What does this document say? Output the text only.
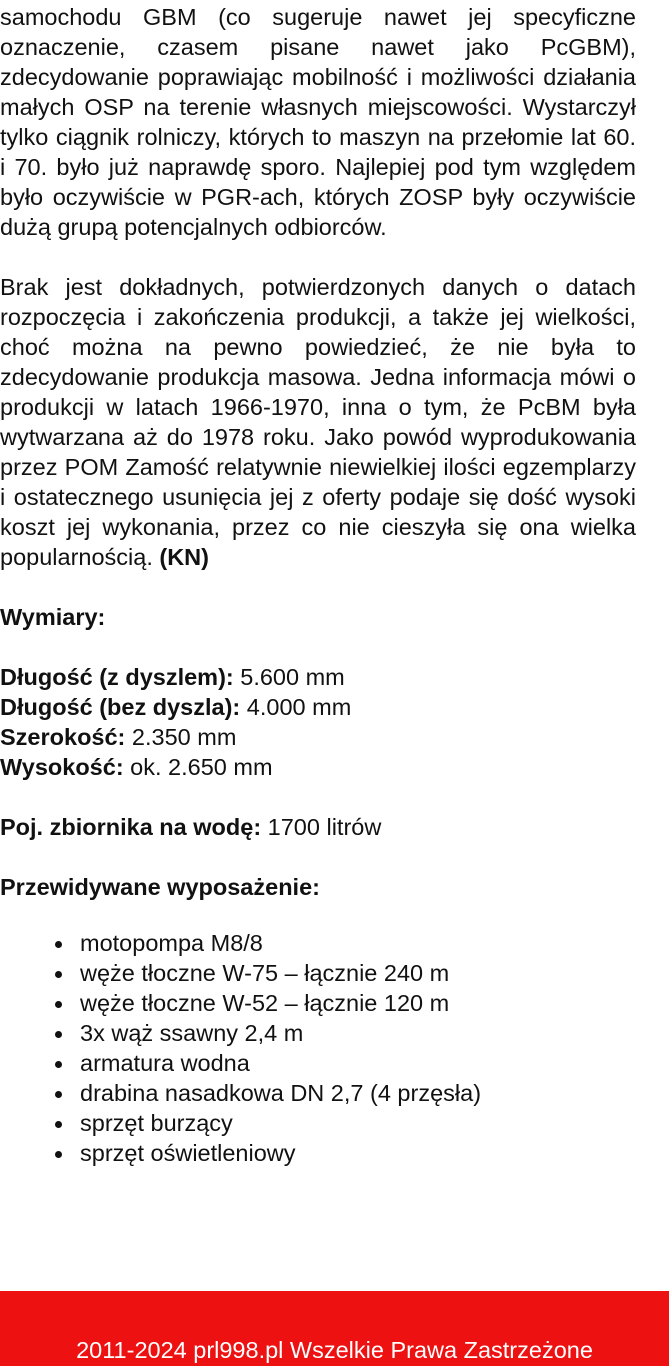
samochodu GBM (co sugeruje nawet jej specyficzne oznaczenie, czasem pisane nawet jako PcGBM), zdecydowanie poprawiając mobilność i możliwości działania małych OSP na terenie własnych miejscowości. Wystarczył tylko ciągnik rolniczy, których to maszyn na przełomie lat 60. i 70. było już naprawdę sporo. Najlepiej pod tym względem było oczywiście w PGR-ach, których ZOSP były oczywiście dużą grupą potencjalnych odbiorców.

Brak jest dokładnych, potwierdzonych danych o datach rozpoczęcia i zakończenia produkcji, a także jej wielkości, choć można na pewno powiedzieć, że nie była to zdecydowanie produkcja masowa. Jedna informacja mówi o produkcji w latach 1966-1970, inna o tym, że PcBM była wytwarzana aż do 1978 roku. Jako powód wyprodukowania przez POM Zamość relatywnie niewielkiej ilości egzemplarzy i ostatecznego usunięcia jej z oferty podaje się dość wysoki koszt jej wykonania, przez co nie cieszyła się ona wielka popularnością. (KN)

Wymiary:

Długość (z dyszlem): 5.600 mm

Długość (bez dyszla): 4.000 mm

Szerokość: 2.350 mm

Wysokość: ok. 2.650 mm

Poj. zbiornika na wodę: 1700 litrów

Przewidywane wyposażenie:

motopompa M8/8
węże tłoczne W-75 – łącznie 240 m
węże tłoczne W-52 – łącznie 120 m
3x wąż ssawny 2,4 m
armatura wodna
drabina nasadkowa DN 2,7 (4 przęsła)
sprzęt burzący
sprzęt oświetleniowy
2011-2024 prl998.pl Wszelkie Prawa Zastrzeżone
